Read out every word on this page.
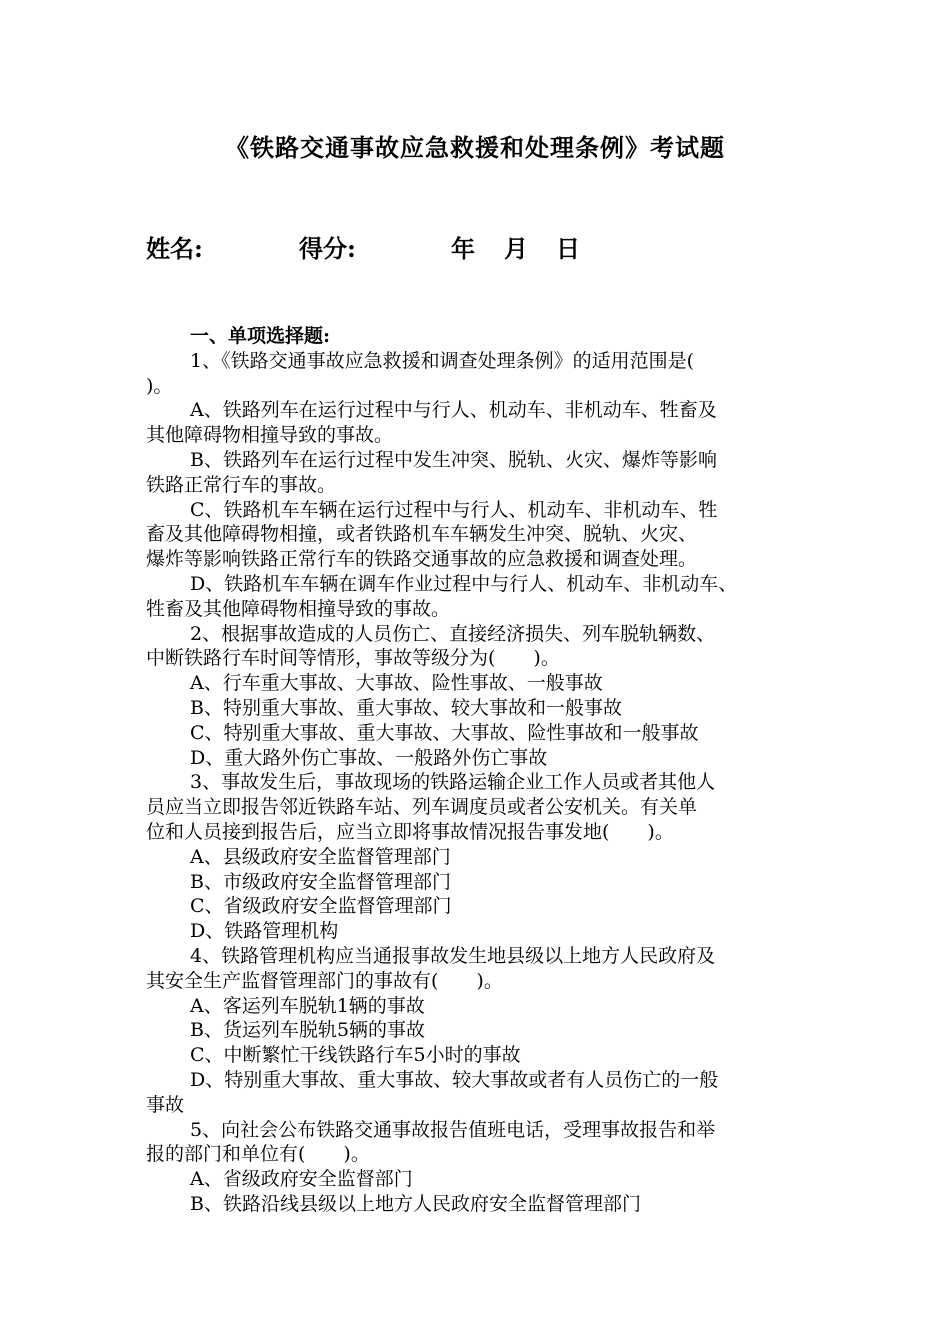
《铁路交通事故应急救援和处理条例》考试题
姓名:	得分:	年 月 日
一、单项选择题:
1、《铁路交通事故应急救援和调查处理条例》的适用范围是(
)。
A、铁路列车在运行过程中与行人、机动车、非机动车、牲畜及
其他障碍物相撞导致的事故。
B、铁路列车在运行过程中发生冲突、脱轨、火灾、爆炸等影响
铁路正常行车的事故。
C、铁路机车车辆在运行过程中与行人、机动车、非机动车、牲
畜及其他障碍物相撞，或者铁路机车车辆发生冲突、脱轨、火灾、
爆炸等影响铁路正常行车的铁路交通事故的应急救援和调查处理。
D、铁路机车车辆在调车作业过程中与行人、机动车、非机动车、
牲畜及其他障碍物相撞导致的事故。
2、根据事故造成的人员伤亡、直接经济损失、列车脱轨辆数、
中断铁路行车时间等情形，事故等级分为(　　)。
A、行车重大事故、大事故、险性事故、一般事故
B、特别重大事故、重大事故、较大事故和一般事故
C、特别重大事故、重大事故、大事故、险性事故和一般事故
D、重大路外伤亡事故、一般路外伤亡事故
3、事故发生后，事故现场的铁路运输企业工作人员或者其他人
员应当立即报告邻近铁路车站、列车调度员或者公安机关。有关单
位和人员接到报告后，应当立即将事故情况报告事发地(　　)。
A、县级政府安全监督管理部门
B、市级政府安全监督管理部门
C、省级政府安全监督管理部门
D、铁路管理机构
4、铁路管理机构应当通报事故发生地县级以上地方人民政府及
其安全生产监督管理部门的事故有(　　)。
A、客运列车脱轨1辆的事故
B、货运列车脱轨5辆的事故
C、中断繁忙干线铁路行车5小时的事故
D、特别重大事故、重大事故、较大事故或者有人员伤亡的一般
事故
5、向社会公布铁路交通事故报告值班电话，受理事故报告和举
报的部门和单位有(　　)。
A、省级政府安全监督部门
B、铁路沿线县级以上地方人民政府安全监督管理部门
